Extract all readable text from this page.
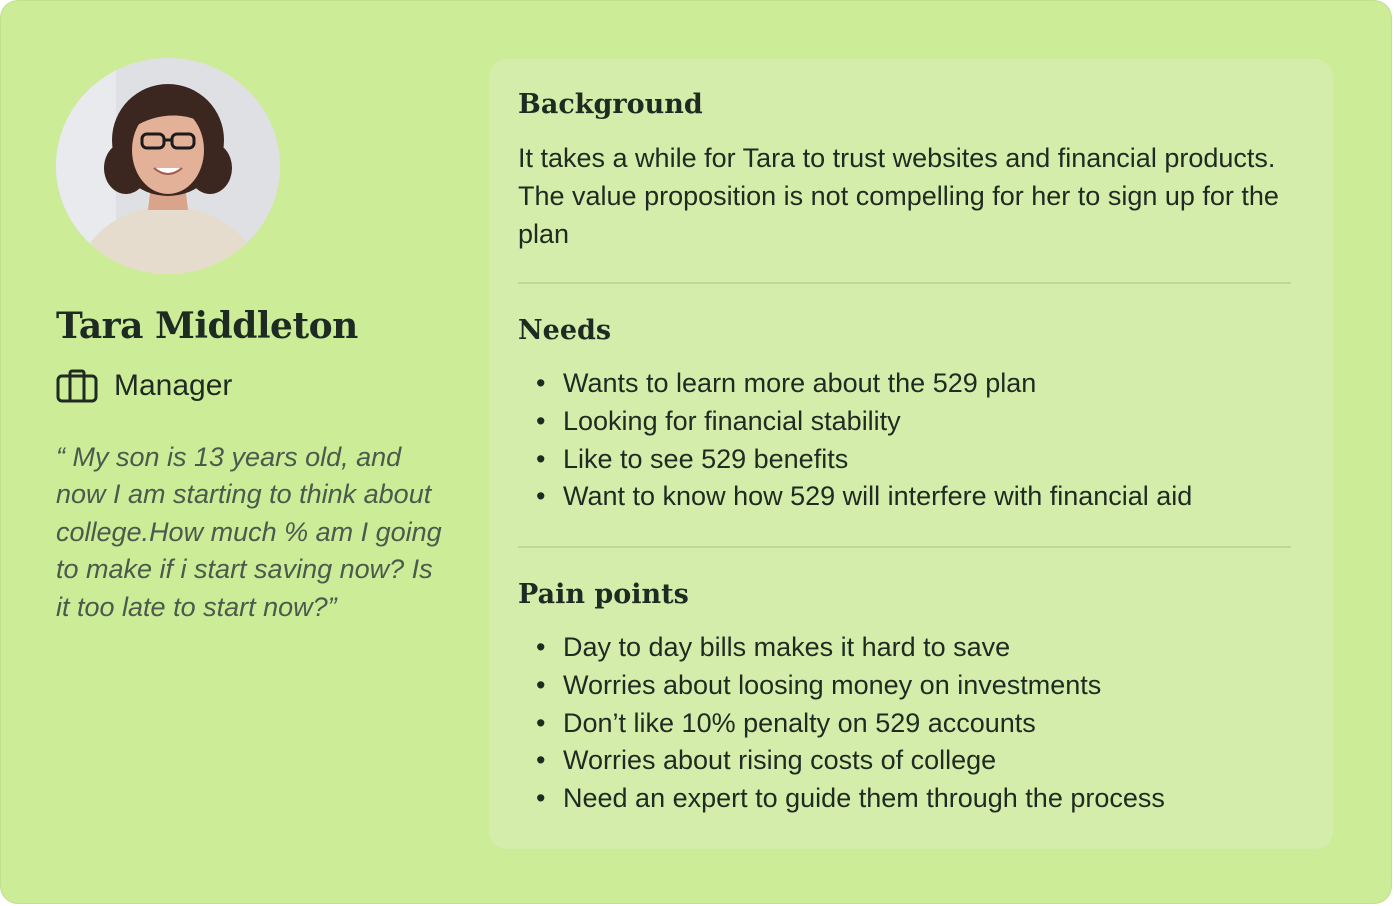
Tara Middleton
Manager
“ My son is 13 years old, and now I am starting to think about college.How much % am I going to make if i start saving now? Is it too late to start now?”
Background
It takes a while for Tara to trust websites and financial products. The value proposition is not compelling for her to sign up for the plan
Needs
• Wants to learn more about the 529 plan
• Looking for financial stability
• Like to see 529 benefits
• Want to know how 529 will interfere with financial aid
Pain points
• Day to day bills makes it hard to save
• Worries about loosing money on investments
• Don’t like 10% penalty on 529 accounts
• Worries about rising costs of college
• Need an expert to guide them through the process
